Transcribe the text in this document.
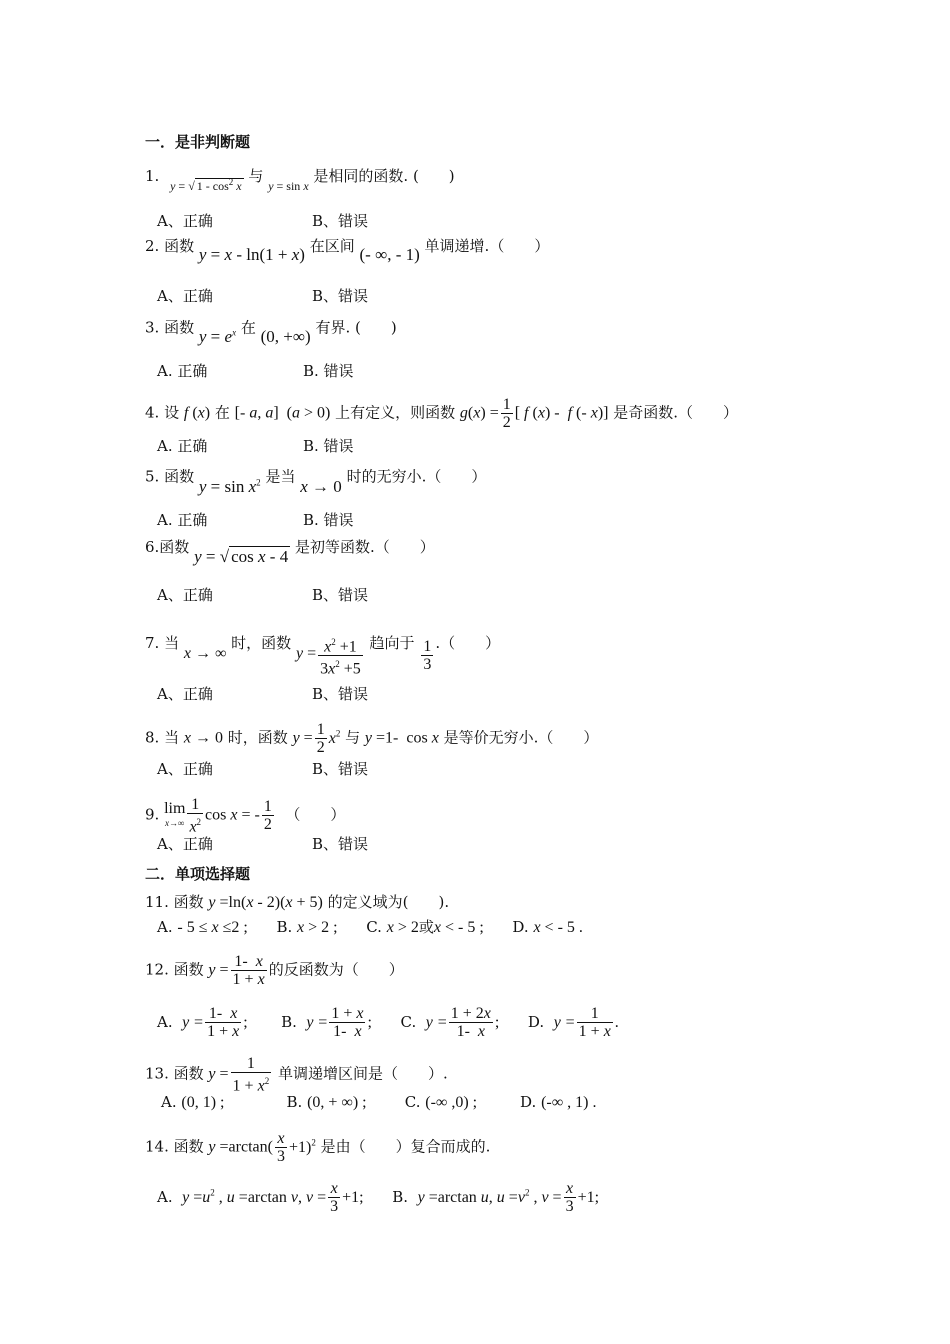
一．是非判断题
1. $_{y = √ 1 - cos^2 x}$ 与 $_{y = sin x}$ 是相同的函数. (　　)
A、正确	B、错误
2. 函数 y = x - ln(1 + x) 在区间 (- ∞, - 1) 单调递增.（　　）
A、正确	B、错误
3. 函数 $y = e^x$ 在 (0, +∞) 有界. (　　)
A. 正确	B. 错误
4. 设 f (x) 在 [- a, a]  (a > 0) 上有定义，则函数 $g(x) = \frac{1}{2}$ [ f (x) -  f (- x)] 是奇函数.（　　）
A. 正确	B. 错误
5. 函数 $y = \sin x^2$ 是当 x → 0 时的无穷小.（　　）
A. 正确	B. 错误
6.函数 y = √ cos x - 4 是初等函数.（　　）
A、正确	B、错误
7. 当 x → ∞ 时，函数 $y = \frac{x^2 +1}{3x^2 +5}$ 趋向于 $\frac{1}{3}$ .（　　）
A、正确	B、错误
8. 当 x → 0 时，函数 $y = \frac{1}{2} x^2$ 与 y =1-  cos x 是等价无穷小.（　　）
A、正确	B、错误
9. lim
$x\to\infty \frac{1}{x^2}$ cos x = - $\frac{1}{2}$ （　　）
A、正确	B、错误
二．单项选择题
11. 函数 y =ln(x - 2)(x + 5) 的定义域为(　　).
A. - 5 ≤ x ≤2 ; B. x > 2 ; C. x > 2或x < - 5 ; D. x < - 5 .
12. 函数 $y = \frac{1- x}{1 + x}$ 的反函数为（　　）
A. $y = \frac{1- x}{1 + x}$ ; B. $y = \frac{1 + x}{1- x}$ ; C. $y = \frac{1 + 2x}{1- x}$ ; D. $y = \frac{1}{1 + x}$ .
13. 函数 $y = \frac{1}{1 + x^2}$ 单调递增区间是（　　）.
A. (0, 1) ;	B. (0, + ∞) ;	C. (-∞ ,0) ;	D. (-∞ , 1) .
14. 函数 $y =\arctan( \frac{x}{3} +1)^2$ 是由（　　）复合而成的.
A. $y =u^2$ , u =arctan v, $v = \frac{x}{3} +1$; B. y =arctan u, $u =v^2$ , $v = \frac{x}{3} +1$;
